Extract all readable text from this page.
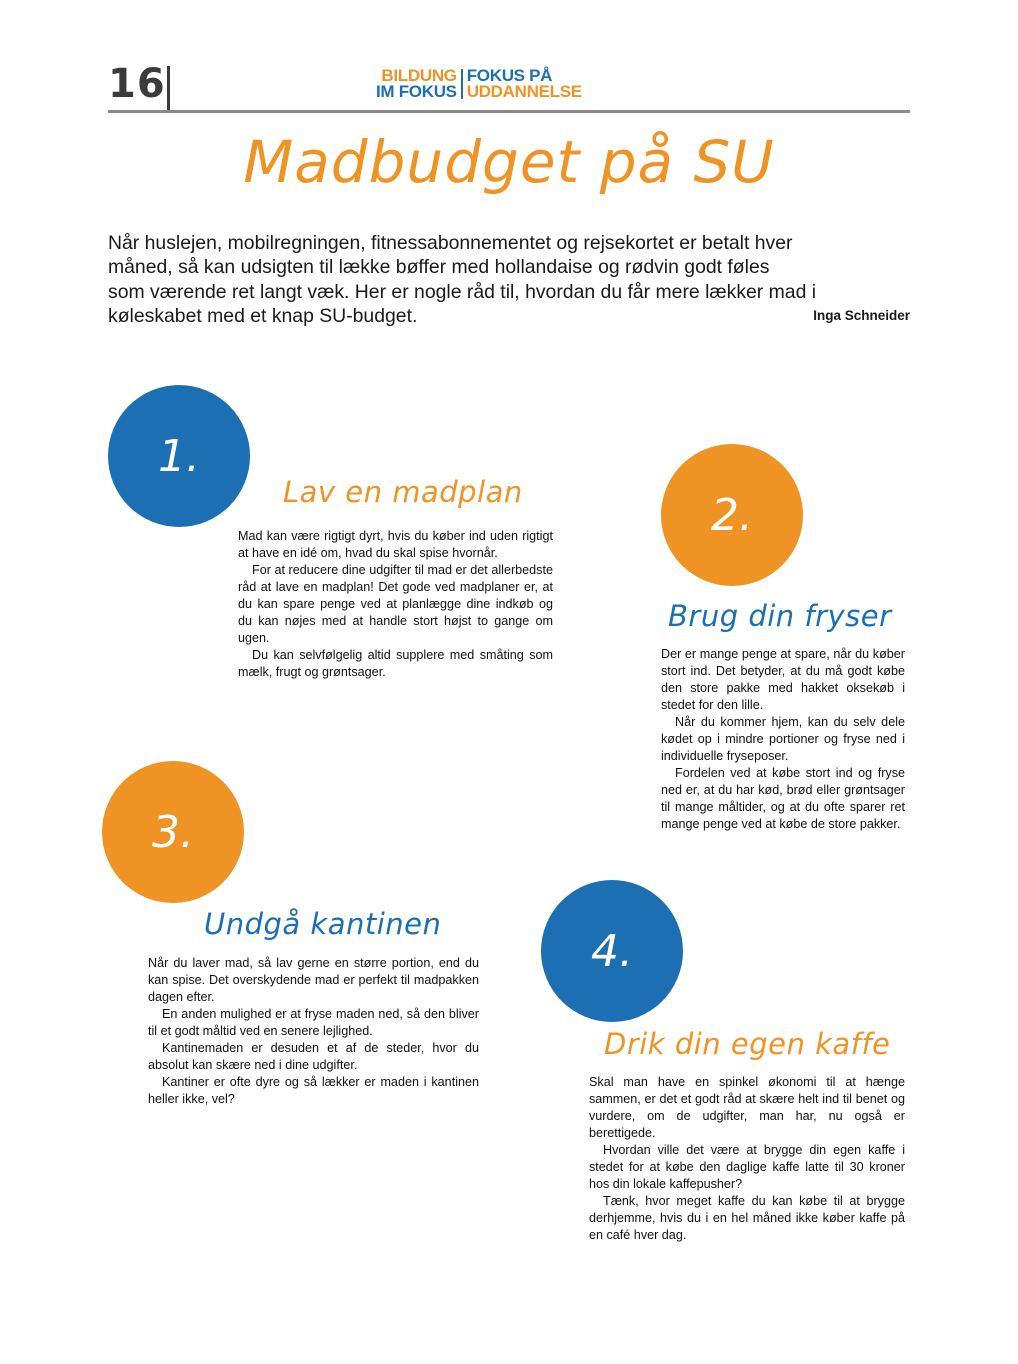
16	BILDUNG
IM FOKUS
FOKUS PÅ
UDDANNELSE
Madbudget på SU

Når huslejen, mobilregningen, fitnessabonnementet og rejsekortet er betalt hver

måned, så kan udsigten til lække bøffer med hollandaise og rødvin godt føles

som værende ret langt væk. Her er nogle råd til, hvordan du får mere lækker mad i

køleskabet med et knap SU-budget.	Inga Schneider
1.
Lav en madplan

Mad kan være rigtigt dyrt, hvis du køber ind uden rigtigt at have en idé om, hvad du skal spise hvornår.

For at reducere dine udgifter til mad er det allerbedste råd at lave en madplan! Det gode ved madplaner er, at du kan spare penge ved at planlægge dine indkøb og du kan nøjes med at handle stort højst to gange om ugen.

Du kan selvfølgelig altid supplere med småting som mælk, frugt og grøntsager.

2.
Brug din fryser

Der er mange penge at spare, når du køber stort ind. Det betyder, at du må godt købe den store pakke med hakket oksekøb i stedet for den lille.

Når du kommer hjem, kan du selv dele kødet op i mindre portioner og fryse ned i individuelle fryseposer.

Fordelen ved at købe stort ind og fryse ned er, at du har kød, brød eller grøntsager til mange måltider, og at du ofte sparer ret mange penge ved at købe de store pakker.

3.
Undgå kantinen

Når du laver mad, så lav gerne en større portion, end du kan spise. Det overskydende mad er perfekt til madpakken dagen efter.

En anden mulighed er at fryse maden ned, så den bliver til et godt måltid ved en senere lejlighed.

Kantinemaden er desuden et af de steder, hvor du absolut kan skære ned i dine udgifter.

Kantiner er ofte dyre og så lækker er maden i kantinen heller ikke, vel?

4.
Drik din egen kaffe

Skal man have en spinkel økonomi til at hænge sammen, er det et godt råd at skære helt ind til benet og vurdere, om de udgifter, man har, nu også er berettigede.

Hvordan ville det være at brygge din egen kaffe i stedet for at købe den daglige kaffe latte til 30 kroner hos din lokale kaffepusher?

Tænk, hvor meget kaffe du kan købe til at brygge derhjemme, hvis du i en hel måned ikke køber kaffe på en café hver dag.
